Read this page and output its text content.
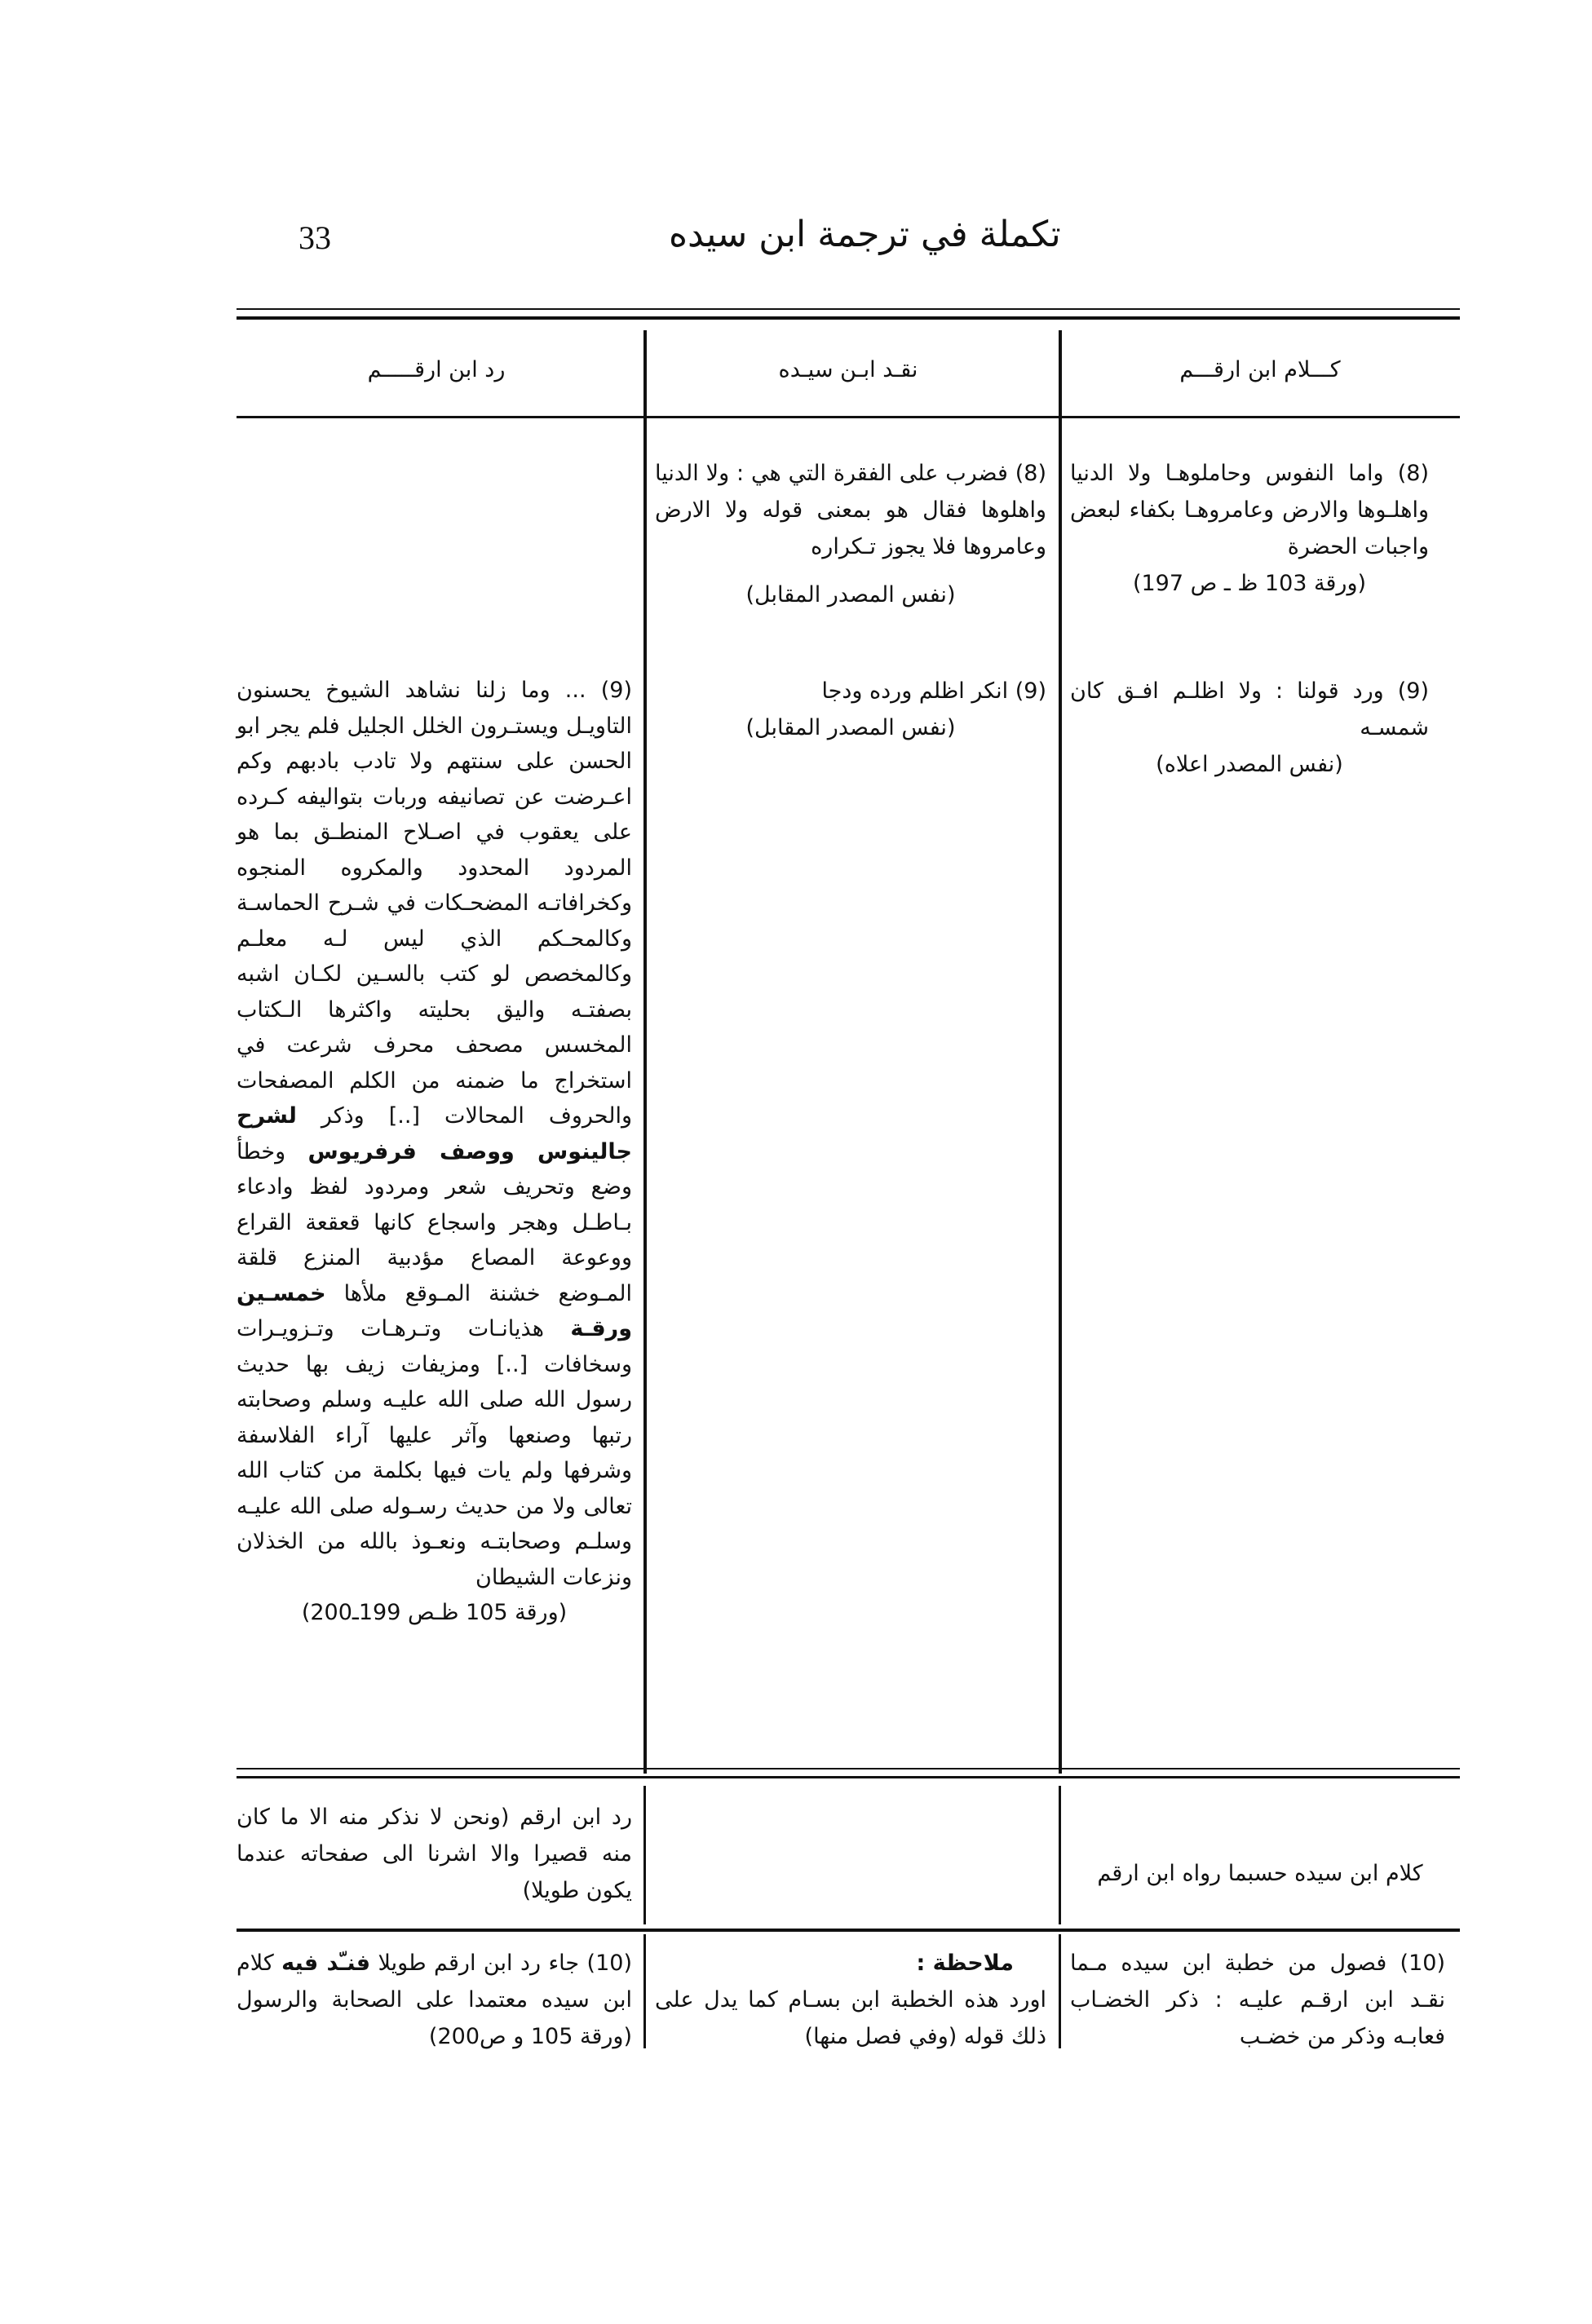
33	تكملة في ترجمة ابن سيده
كـــلام ابن ارقـــم
نقـد ابـن سيـده
رد ابن ارقـــــم

(8) واما النفوس وحاملوهـا ولا الدنيا واهلـوها والارض وعامروهـا بكفاء لبعض واجبات الحضرة

(ورقة 103 ظ ـ ص 197)

(8) فضرب على الفقرة التي هي : ولا الدنيا واهلوها فقال هو بمعنى قوله ولا الارض وعامروها فلا يجوز تـكراره

(نفس المصدر المقابل)

(9) ورد قولنا : ولا اظلـم افـق كان شمسـه

(نفس المصدر اعلاه)

(9) انكر اظلم ورده ودجا

(نفس المصدر المقابل)

(9) ... وما زلنا نشاهد الشيوخ يحسنون التاويـل ويستـرون الخلل الجليل فلم يجر ابو الحسن على سنتهم ولا تادب بادبهم وكم اعـرضت عن تصانيفه وربات بتواليفه كـرده على يعقوب في اصـلاح المنطـق بما هو المردود المحدود والمكروه المنجوه وكخرافاتـه المضحـكات في شـرح الحماسـة وكالمحـكم الذي ليس لـه معلـم وكالمخصص لو كتب بالسـين لكـان اشبه بصفتـه واليق بحليته واكثرها الـكتاب المخسس مصحف محرف شرعت في استخراج ما ضمنه من الكلم المصفحات والحروف المحالات [..] وذكر لشرح جالينوس ووصف فرفريوس وخطأ وضع وتحريف شعر ومردود لفظ وادعاء بـاطـل وهجر واسجاع كانها قعقعة القراع ووعوعة المصاع مؤدبية المنزع قلقة المـوضع خشنة المـوقع ملأها خمسـين ورقـة هذيانـات وتـرهـات وتـزويـرات وسخافات [..] ومزيفات زيف بها حديث رسول الله صلى الله عليـه وسلم وصحابته رتبها وصنعها وآثر عليها آراء الفلاسفة وشرفها ولم يات فيها بكلمة من كتاب الله تعالى ولا من حديث رسـوله صلى الله عليـه وسلـم وصحابتـه ونعـوذ بالله من الخذلان ونزعات الشيطان

(ورقة 105 ظـص 199ـ200)

كلام ابن سيده حسبما رواه ابن ارقم

رد ابن ارقم (ونحن لا نذكر منه الا ما كان منه قصيرا والا اشرنا الى صفحاته عندما يكون طويلا)

(10) فصول من خطبة ابن سيده مـما نقـد ابن ارقـم عليـه : ذكر الخضـاب فعابـه وذكر من خضـب

ملاحظة :

اورد هذه الخطبة ابن بسـام كما يدل على ذلك قوله (وفي فصل منها)

(10) جاء رد ابن ارقم طويلا فنـّد فيه كلام ابن سيده معتمدا على الصحابة والرسول (ورقة 105 و ص200)
